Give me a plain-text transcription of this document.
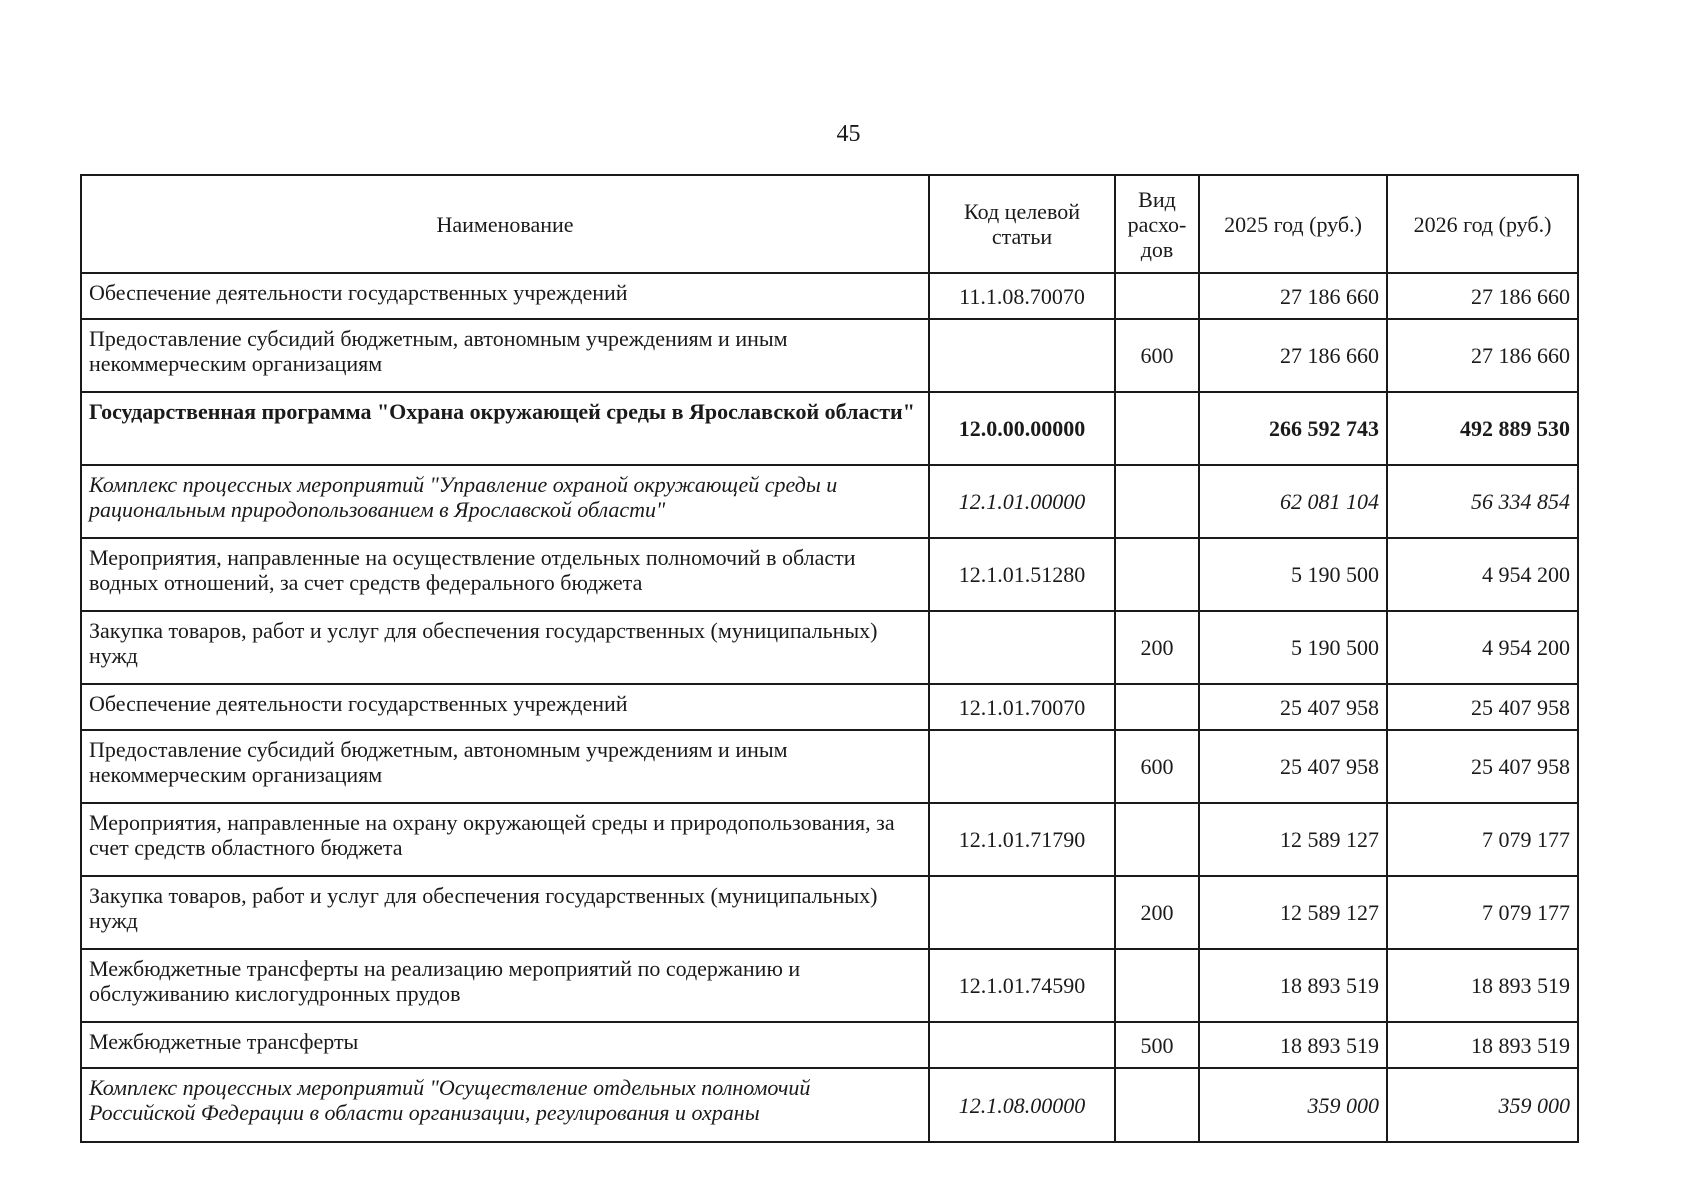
45
Наименование	Код целевой статьи	Вид расхо-дов	2025 год (руб.)	2026 год (руб.)
Обеспечение деятельности государственных учреждений	11.1.08.70070		27 186 660	27 186 660
Предоставление субсидий бюджетным, автономным учреждениям и иным некоммерческим организациям		600	27 186 660	27 186 660
Государственная программа "Охрана окружающей среды в Ярославской области"	12.0.00.00000		266 592 743	492 889 530
Комплекс процессных мероприятий "Управление охраной окружающей среды и рациональным природопользованием в Ярославской области"	12.1.01.00000		62 081 104	56 334 854
Мероприятия, направленные на осуществление отдельных полномочий в области водных отношений, за счет средств федерального бюджета	12.1.01.51280		5 190 500	4 954 200
Закупка товаров, работ и услуг для обеспечения государственных (муниципальных) нужд		200	5 190 500	4 954 200
Обеспечение деятельности государственных учреждений	12.1.01.70070		25 407 958	25 407 958
Предоставление субсидий бюджетным, автономным учреждениям и иным некоммерческим организациям		600	25 407 958	25 407 958
Мероприятия, направленные на охрану окружающей среды и природопользования, за счет средств областного бюджета	12.1.01.71790		12 589 127	7 079 177
Закупка товаров, работ и услуг для обеспечения государственных (муниципальных) нужд		200	12 589 127	7 079 177
Межбюджетные трансферты на реализацию мероприятий по содержанию и обслуживанию кислогудронных прудов	12.1.01.74590		18 893 519	18 893 519
Межбюджетные трансферты		500	18 893 519	18 893 519
Комплекс процессных мероприятий "Осуществление отдельных полномочий Российской Федерации в области организации, регулирования и охраны	12.1.08.00000		359 000	359 000
